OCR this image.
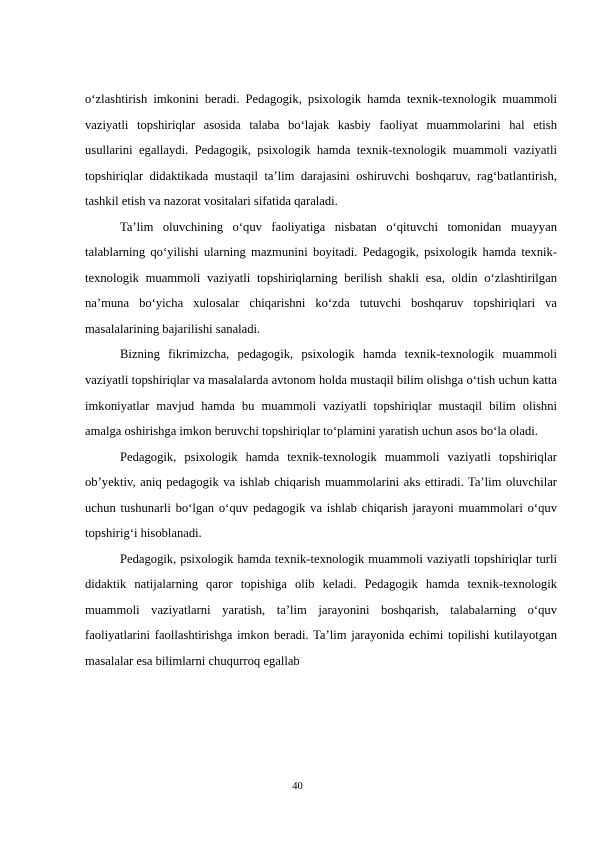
o‘zlashtirish imkonini beradi. Pedagogik, psixologik hamda texnik-texnologik muammoli vaziyatli topshiriqlar asosida talaba bo‘lajak kasbiy faoliyat muammolarini hal etish usullarini egallaydi. Pedagogik, psixologik hamda texnik-texnologik muammoli vaziyatli topshiriqlar didaktikada mustaqil ta’lim darajasini oshiruvchi boshqaruv, rag‘batlantirish, tashkil etish va nazorat vositalari sifatida qaraladi.

Ta’lim oluvchining o‘quv faoliyatiga nisbatan o‘qituvchi tomonidan muayyan talablarning qo‘yilishi ularning mazmunini boyitadi. Pedagogik, psixologik hamda texnik-texnologik muammoli vaziyatli topshiriqlarning berilish shakli esa, oldin o‘zlashtirilgan na’muna bo‘yicha xulosalar chiqarishni ko‘zda tutuvchi boshqaruv topshiriqlari va masalalarining bajarilishi sanaladi.

Bizning fikrimizcha, pedagogik, psixologik hamda texnik-texnologik muammoli vaziyatli topshiriqlar va masalalarda avtonom holda mustaqil bilim olishga o‘tish uchun katta imkoniyatlar mavjud hamda bu muammoli vaziyatli topshiriqlar mustaqil bilim olishni amalga oshirishga imkon beruvchi topshiriqlar to‘plamini yaratish uchun asos bo‘la oladi.

Pedagogik, psixologik hamda texnik-texnologik muammoli vaziyatli topshiriqlar ob’yektiv, aniq pedagogik va ishlab chiqarish muammolarini aks ettiradi. Ta’lim oluvchilar uchun tushunarli bo‘lgan o‘quv pedagogik va ishlab chiqarish jarayoni muammolari o‘quv topshirig‘i hisoblanadi.

Pedagogik, psixologik hamda texnik-texnologik muammoli vaziyatli topshiriqlar turli didaktik natijalarning qaror topishiga olib keladi. Pedagogik hamda texnik-texnologik muammoli vaziyatlarni yaratish, ta’lim jarayonini boshqarish, talabalarning o‘quv faoliyatlarini faollashtirishga imkon beradi. Ta’lim jarayonida echimi topilishi kutilayotgan masalalar esa bilimlarni chuqurroq egallab

40
